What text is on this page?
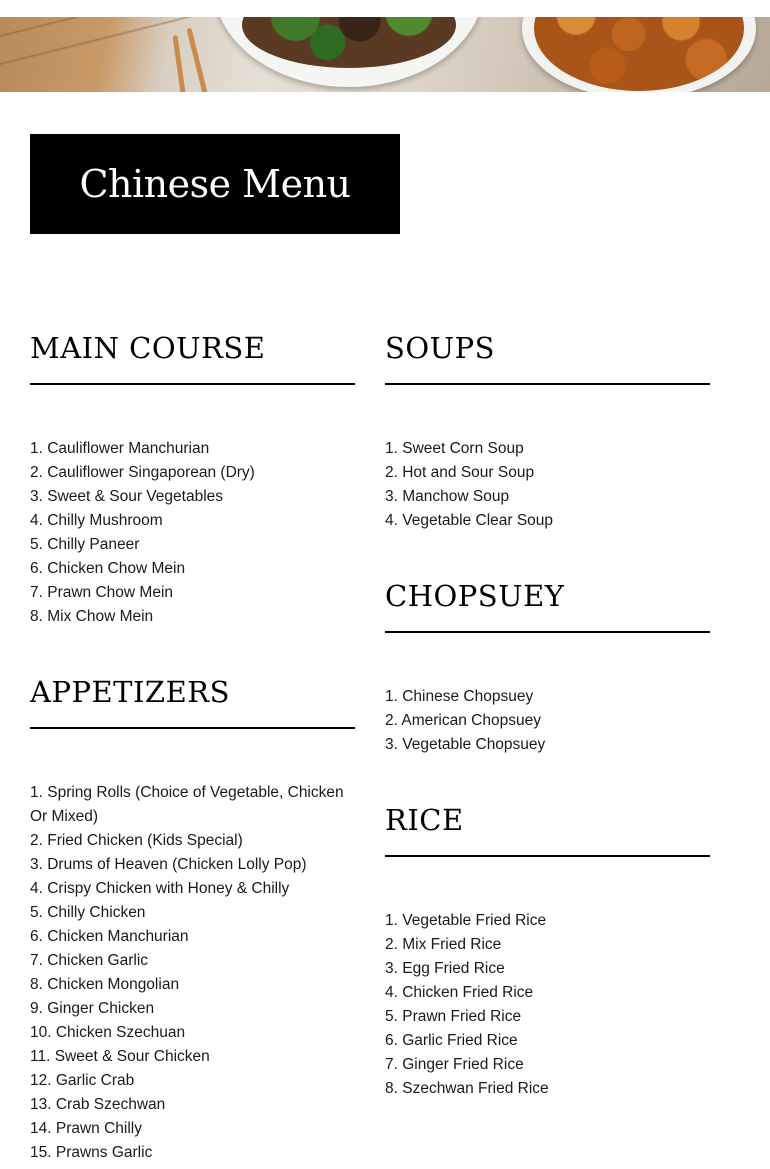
Chinese Menu
MAIN COURSE
1. Cauliflower Manchurian
2. Cauliflower Singaporean (Dry)
3. Sweet & Sour Vegetables
4. Chilly Mushroom
5. Chilly Paneer
6. Chicken Chow Mein
7. Prawn Chow Mein
8. Mix Chow Mein
APPETIZERS
1. Spring Rolls (Choice of Vegetable, Chicken Or Mixed)
2. Fried Chicken (Kids Special)
3. Drums of Heaven (Chicken Lolly Pop)
4. Crispy Chicken with Honey & Chilly
5. Chilly Chicken
6. Chicken Manchurian
7. Chicken Garlic
8. Chicken Mongolian
9. Ginger Chicken
10. Chicken Szechuan
11. Sweet & Sour Chicken
12. Garlic Crab
13. Crab Szechwan
14. Prawn Chilly
15. Prawns Garlic
SOUPS
1. Sweet Corn Soup
2. Hot and Sour Soup
3. Manchow Soup
4. Vegetable Clear Soup
CHOPSUEY
1. Chinese Chopsuey
2. American Chopsuey
3. Vegetable Chopsuey
RICE
1. Vegetable Fried Rice
2. Mix Fried Rice
3. Egg Fried Rice
4. Chicken Fried Rice
5. Prawn Fried Rice
6. Garlic Fried Rice
7. Ginger Fried Rice
8. Szechwan Fried Rice
